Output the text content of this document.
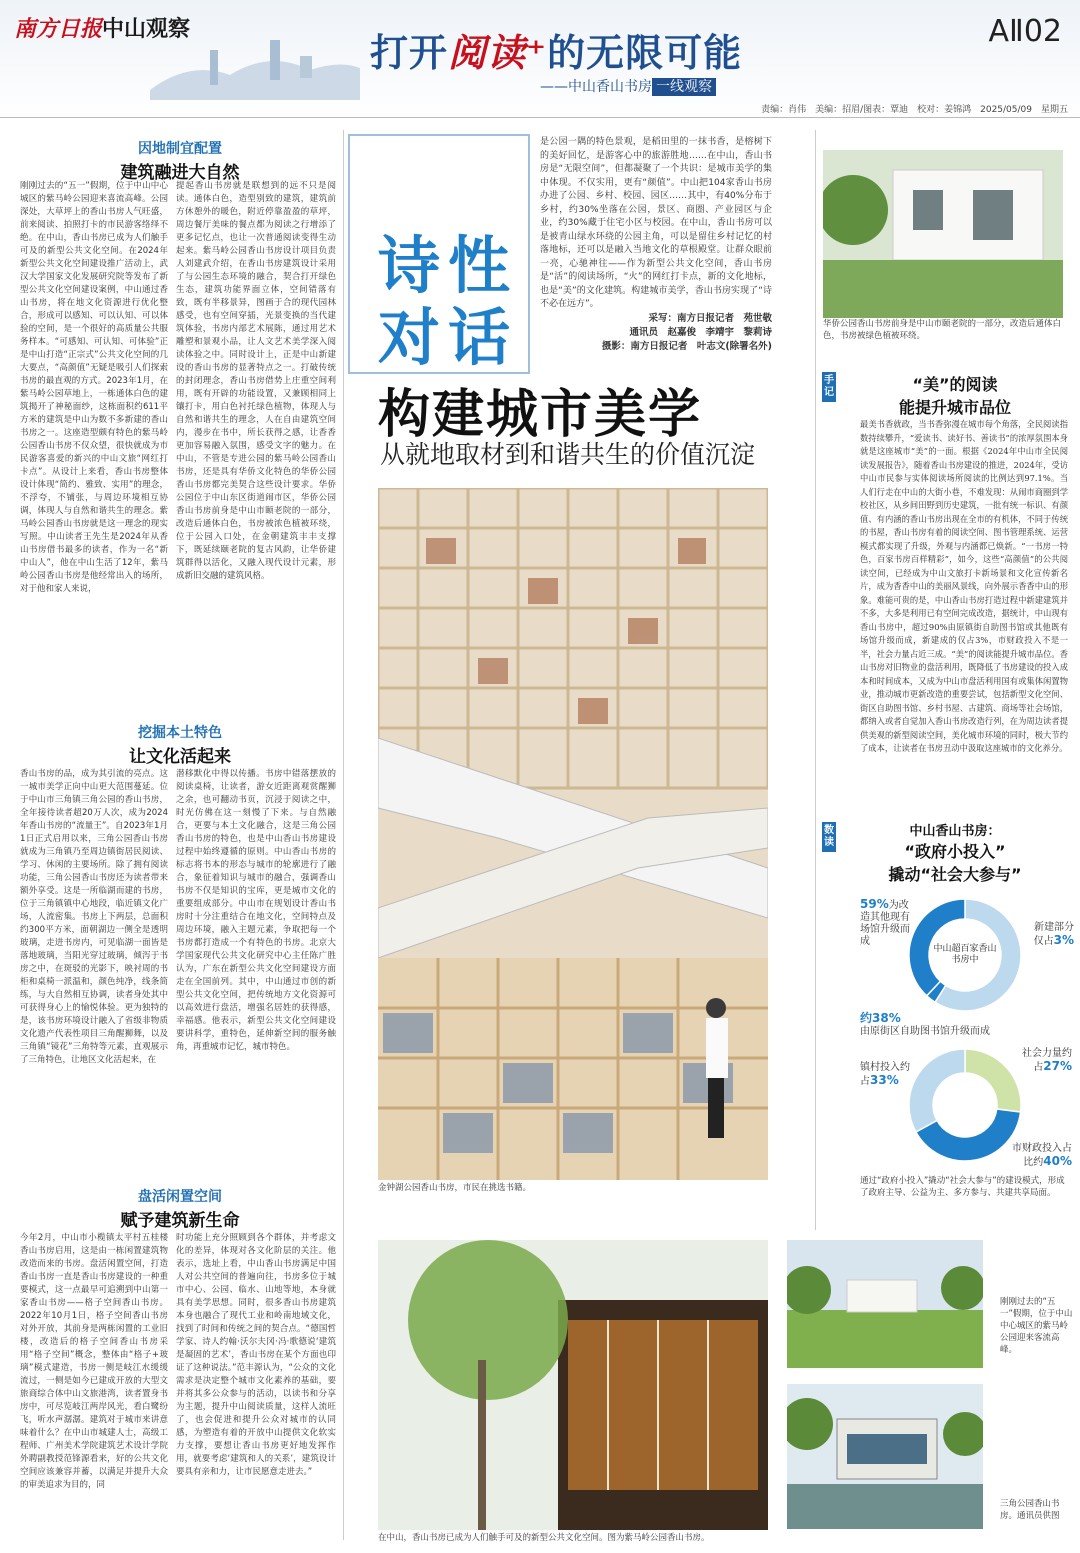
南方日报中山观察
打开阅读⁺的无限可能
——中山香山书房 一线观察
AⅡ02
责编：肖伟　美编：招眉/图表：覃迪　校对：姜锦鸿　2025/05/09　星期五
因地制宜配置
建筑融进大自然
刚刚过去的“五一”假期，位于中山中心城区的紫马岭公园迎来喜流高峰。公园深处，大草坪上的香山书房人气旺盛，前来阅读、拍照打卡的市民游客络绎不绝。在中山，香山书房已成为人们触手可及的新型公共文化空间。在2024年新型公共文化空间建设推广活动上，武汉大学国家文化发展研究院等发布了新型公共文化空间建设案例，中山通过香山书房，将在地文化资源进行优化整合，形成可以感知、可以认知、可以体验的空间，是一个很好的高质量公共服务样本。“可感知、可认知、可体验”正是中山打造“正宗式”公共文化空间的几大要点，“高颜值”无疑是吸引人们探索书房的最直观的方式。2023年1月，在紫马岭公园草地上，一栋通体白色的建筑揭开了神秘面纱，这栋面积约611平方米的建筑是中山为数不多新建的香山书房之一。这座造型颇有特色的紫马岭公园香山书房不仅众望，很快就成为市民游客喜爱的新兴的中山文旅“网红打卡点”。从设计上来看，香山书房整体设计体现“简约、雅致、实用”的理念，不浮夸，不铺张，与周边环境相互协调，体现人与自然和谐共生的理念。紫马岭公园香山书房就是这一理念的现实写照。中山读者王先生是2024年从香山书房借书最多的读者，作为一名“新中山人”，他在中山生活了12年，紫马岭公园香山书房是他经常出入的场所，对于他和家人来说，
提起香山书房就是联想到的远不只是阅读。通体白色，造型别致的建筑，建筑前方休憩外的暖色，附近停靠盈盈的草坪，周边餐厅美味的餐点都为阅读之行增添了更多记忆点，也让一次普通阅读变得生动起来。紫马岭公园香山书房设计项目负责人刘建武介绍，在香山书房建筑设计采用了与公园生态环境的融合，契合打开绿色生态，建筑功能界面立体，空间错落有致，既有半移景异，图画于合的现代园林感受，也有空间穿插，光景变换的当代建筑体验，书房内部艺术展陈，通过用艺术雕塑和景观小品，让人文艺术美学深入阅读体验之中。同时设计上，正是中山新建设的香山书房的显著特点之一。打破传统的封闭理念，香山书房借势上庄重空间利用，既有开辟的功能设置，又兼顾相同上镶打卡，用白色衬托绿色植物，体现人与自然和谐共生的理念，人在自由建筑空间内，漫步在书中，所长获得之感，让香香更加容易融入氛围，感受文字的魅力。在中山，不管是专进公园的紫马岭公园香山书房，还是具有华侨文化特色的华侨公园香山书房都完美契合这些设计要求。华侨公园位于中山东区街道闹市区，华侨公园香山书房前身是中山市颐老院的一部分，改造后通体白色，书房被浓色植被环绕，位于公园入口处，在金朝建筑丰丰支撑下，既延续颐老院的复古风韵，让华侨建筑群得以活化，又融入现代设计元素，形成新旧交融的建筑风格。
挖掘本土特色
让文化活起来
香山书房的品，成为其引流的亮点。这一城市美学正向中山更大范围蔓延。位于中山市三角镇三角公园的香山书房，全年接待读者超20万人次，成为2024年香山书房的“流量王”。自2023年1月1日正式启用以来，三角公园香山书房就成为三角镇乃至周边镇街居民阅读、学习、休闲的主要场所。除了拥有阅读功能，三角公园香山书房还为读者带来额外享受。这是一所临湖而建的书房，位于三角镇镇中心地段，临近镇文化广场，人流密集。书房上下两层，总面积约300平方米，面朝湖边一侧全是透明玻璃，走进书房内，可见临湖一面皆是落地玻璃，当阳光穿过玻璃，倾泻于书房之中，在斑驳的光影下，映衬周的书柜和桌椅一派温和，颜色纯净，线条简练，与大自然相互协调，读者身处其中可获得身心上的愉悦体验。更为独特的是，该书房环境设计融入了省级非物质文化遗产代表性项目三角醒狮舞，以及三角镇“镜花”三角特等元素，直观展示了三角特色，让地区文化活起来，在
潜移默化中得以传播。书房中错落摆放的阅读桌椅，让读者，游女近距离观赏醒狮之余，也可翻动书页，沉浸于阅读之中，时光仿佛在这一刻慢了下来。与自然融合，更要与本土文化融合，这是三角公园香山书房的特色，也是中山香山书房建设过程中始终遵循的原则。中山香山书房的标志将书本的形态与城市的轮廓进行了融合，象征着知识与城市的融合，强调香山书房不仅是知识的宝库，更是城市文化的重要组成部分。中山市在规划设计香山书房时十分注重结合在地文化，空间特点及周边环境，融入主题元素，争取把每一个书房都打造成一个有特色的书房。北京大学国家现代公共文化研究中心主任陈广胜认为，广东在新型公共文化空间建设方面走在全国前列。其中，中山通过市创的新型公共文化空间，把传统地方文化资源可以高效进行盘活，增强名居姓的获得感，幸福感。他表示，新型公共文化空间建设要讲科学，重特色，延伸新空间的服务触角，再重城市记忆，城市特色。
盘活闲置空间
赋予建筑新生命
今年2月，中山市小榄镇太平村五桂楼香山书房启用，这是由一栋闲置建筑物改造而来的书房。盘活闲置空间，打造香山书房一直是香山书房建设的一种重要模式，这一点最早可追溯到中山第一家香山书房——格子空间香山书房。2022年10月1日，格子空间香山书房对外开放，其前身是两栋闲置的工业旧楼，改造后的格子空间香山书房采用“格子空间”概念，整体由“格子+玻璃”模式建造，书房一侧是岐江水缓缓流过，一侧是如今已建成开放的大型文旅商综合体中山文旅港湾，读者置身书房中，可尽览岐江两岸风光，看白鹭纷飞，听水声潺潺。建筑对于城市来讲意味着什么？在中山市城建人士，高级工程师、广州美术学院建筑艺术设计学院外聘副教授范锋源看来，好的公共文化空间应该兼容并蓄，以满足并提升大众的审美追求为目的，同
时功能上充分照顾到各个群体，并考虑文化的差异，体现对各文化阶层的关注。他表示，选址上看，中山香山书房满足中国人对公共空间的普遍向往，书房多位于城市中心、公园、临水、山地等地，本身就具有美学思想。同时，很多香山书房建筑本身也融合了现代工业和岭南地域文化，找到了时间和传统之间的契合点。“德国哲学家、诗人约翰·沃尔夫冈·冯·歌德说‘建筑是凝固的艺术’，香山书房在某个方面也印证了这种说法。”范丰源认为，“公众的文化需求是决定整个城市文化素养的基础，要并将其多公众参与的活动，以读书和分享为主题，提升中山阅读质量，这样人流旺了，也会促进和提升公众对城市的认同感，为塑造有着的开放中山提供文化软实力支撑，要想让香山书房更好地发挥作用，就要考虑‘建筑和人的关系’，建筑设计要具有亲和力，让市民愿意走进去。”
诗 性
对 话
是公园一隅的特色景观，是稻田里的一抹书香，是榕树下的美好回忆，是游客心中的旅游胜地……在中山，香山书房是“无限空间”，但都凝聚了一个共识：是城市美学的集中体现。不仅实用，更有“颜值”。中山把104家香山书房办进了公园、乡村、校园、园区……其中，有40%分布于乡村，约30%坐落在公园，景区、商圈、产业园区与企业，约30%藏于住宅小区与校园。在中山，香山书房可以是被青山绿水环绕的公园主角，可以是留住乡村记忆的村落地标，还可以是融入当地文化的草根殿堂。让群众眼前一亮，心驰神往——作为新型公共文化空间，香山书房是“活”的阅读场所，“火”的网红打卡点，新的文化地标，也是“美”的文化建筑。构建城市美学，香山书房实现了“诗不必在远方”。
采写：南方日报记者　苑世敬
通讯员　赵嘉俊　李靖宇　黎莉诗
摄影：南方日报记者　叶志文(除署名外)
构建城市美学
从就地取材到和谐共生的价值沉淀
金钟湖公园香山书房，市民在挑选书籍。
在中山，香山书房已成为人们触手可及的新型公共文化空间。图为紫马岭公园香山书房。
华侨公园香山书房前身是中山市颐老院的一部分，改造后通体白色，书房被绿色植被环绕。
手记	“美”的阅读
能提升城市品位
最美书香就政，当书香弥漫在城市每个角落，全民阅读指数持续攀升，“爱读书、读好书、善读书”的浓厚氛围本身就是这座城市“美”的一面。根据《2024年中山市全民阅读发展报告》，随着香山书房建设的推进，2024年，受访中山市民参与实体阅读场所阅读的比例达到97.1%。当人们行走在中山的大街小巷，不难发现：从闹市商圈到学校社区，从乡间田野到历史建筑，一批有统一标识、有颜值、有内涵的香山书房出现在全市的有机体，不同于传统的书屋，香山书房有着的阅读空间、图书管理系统、运营模式都实现了升级，外观与内涵都已焕新。“一书房一特色，百家书房百样精彩”，如今，这些“高颜值”的公共阅读空间，已经成为中山文旅打卡新场景和文化宣传新名片，成为香香中山的美丽风景线，向外展示香香中山的形象。难能可贵的是，中山香山书房打造过程中新建建筑并不多，大多是利用已有空间完成改造，据统计，中山现有香山书房中，超过90%由原镇街自助图书馆或其他既有场馆升级而成，新建成的仅占3%，市财政投入不是一半，社会力量占近三成。“美”的阅读能提升城市品位。香山书房对旧物业的盘活利用，既降低了书房建设的投入成本和时间成本，又成为中山市盘活利用国有或集体闲置物业，推动城市更新改造的重要尝试，包括新型文化空间、街区自助图书馆、乡村书屋、古建筑、商场等社会场馆，都纳入或者自觉加入香山书房改造行列，在为周边读者提供美观的新型阅读空间，美化城市环境的同时，极大节约了成本，让读者在书房丑动中汲取这座城市的文化养分。
数读
中山香山书房：
“政府小投入”
撬动“社会大参与”
中山超百家香山书房中
59%为改造其他现有场馆升级而成
新建部分仅占3%
约38%
由原街区自助图书馆升级而成
镇村投入约占33%
社会力量约占27%
市财政投入占比约40%
通过“政府小投入”撬动“社会大参与”的建设模式，形成了政府主导、公益为主、多方参与、共建共享局面。
刚刚过去的“五一”假期，位于中山中心城区的紫马岭公园迎来客流高峰。
三角公园香山书房。通讯员供图
